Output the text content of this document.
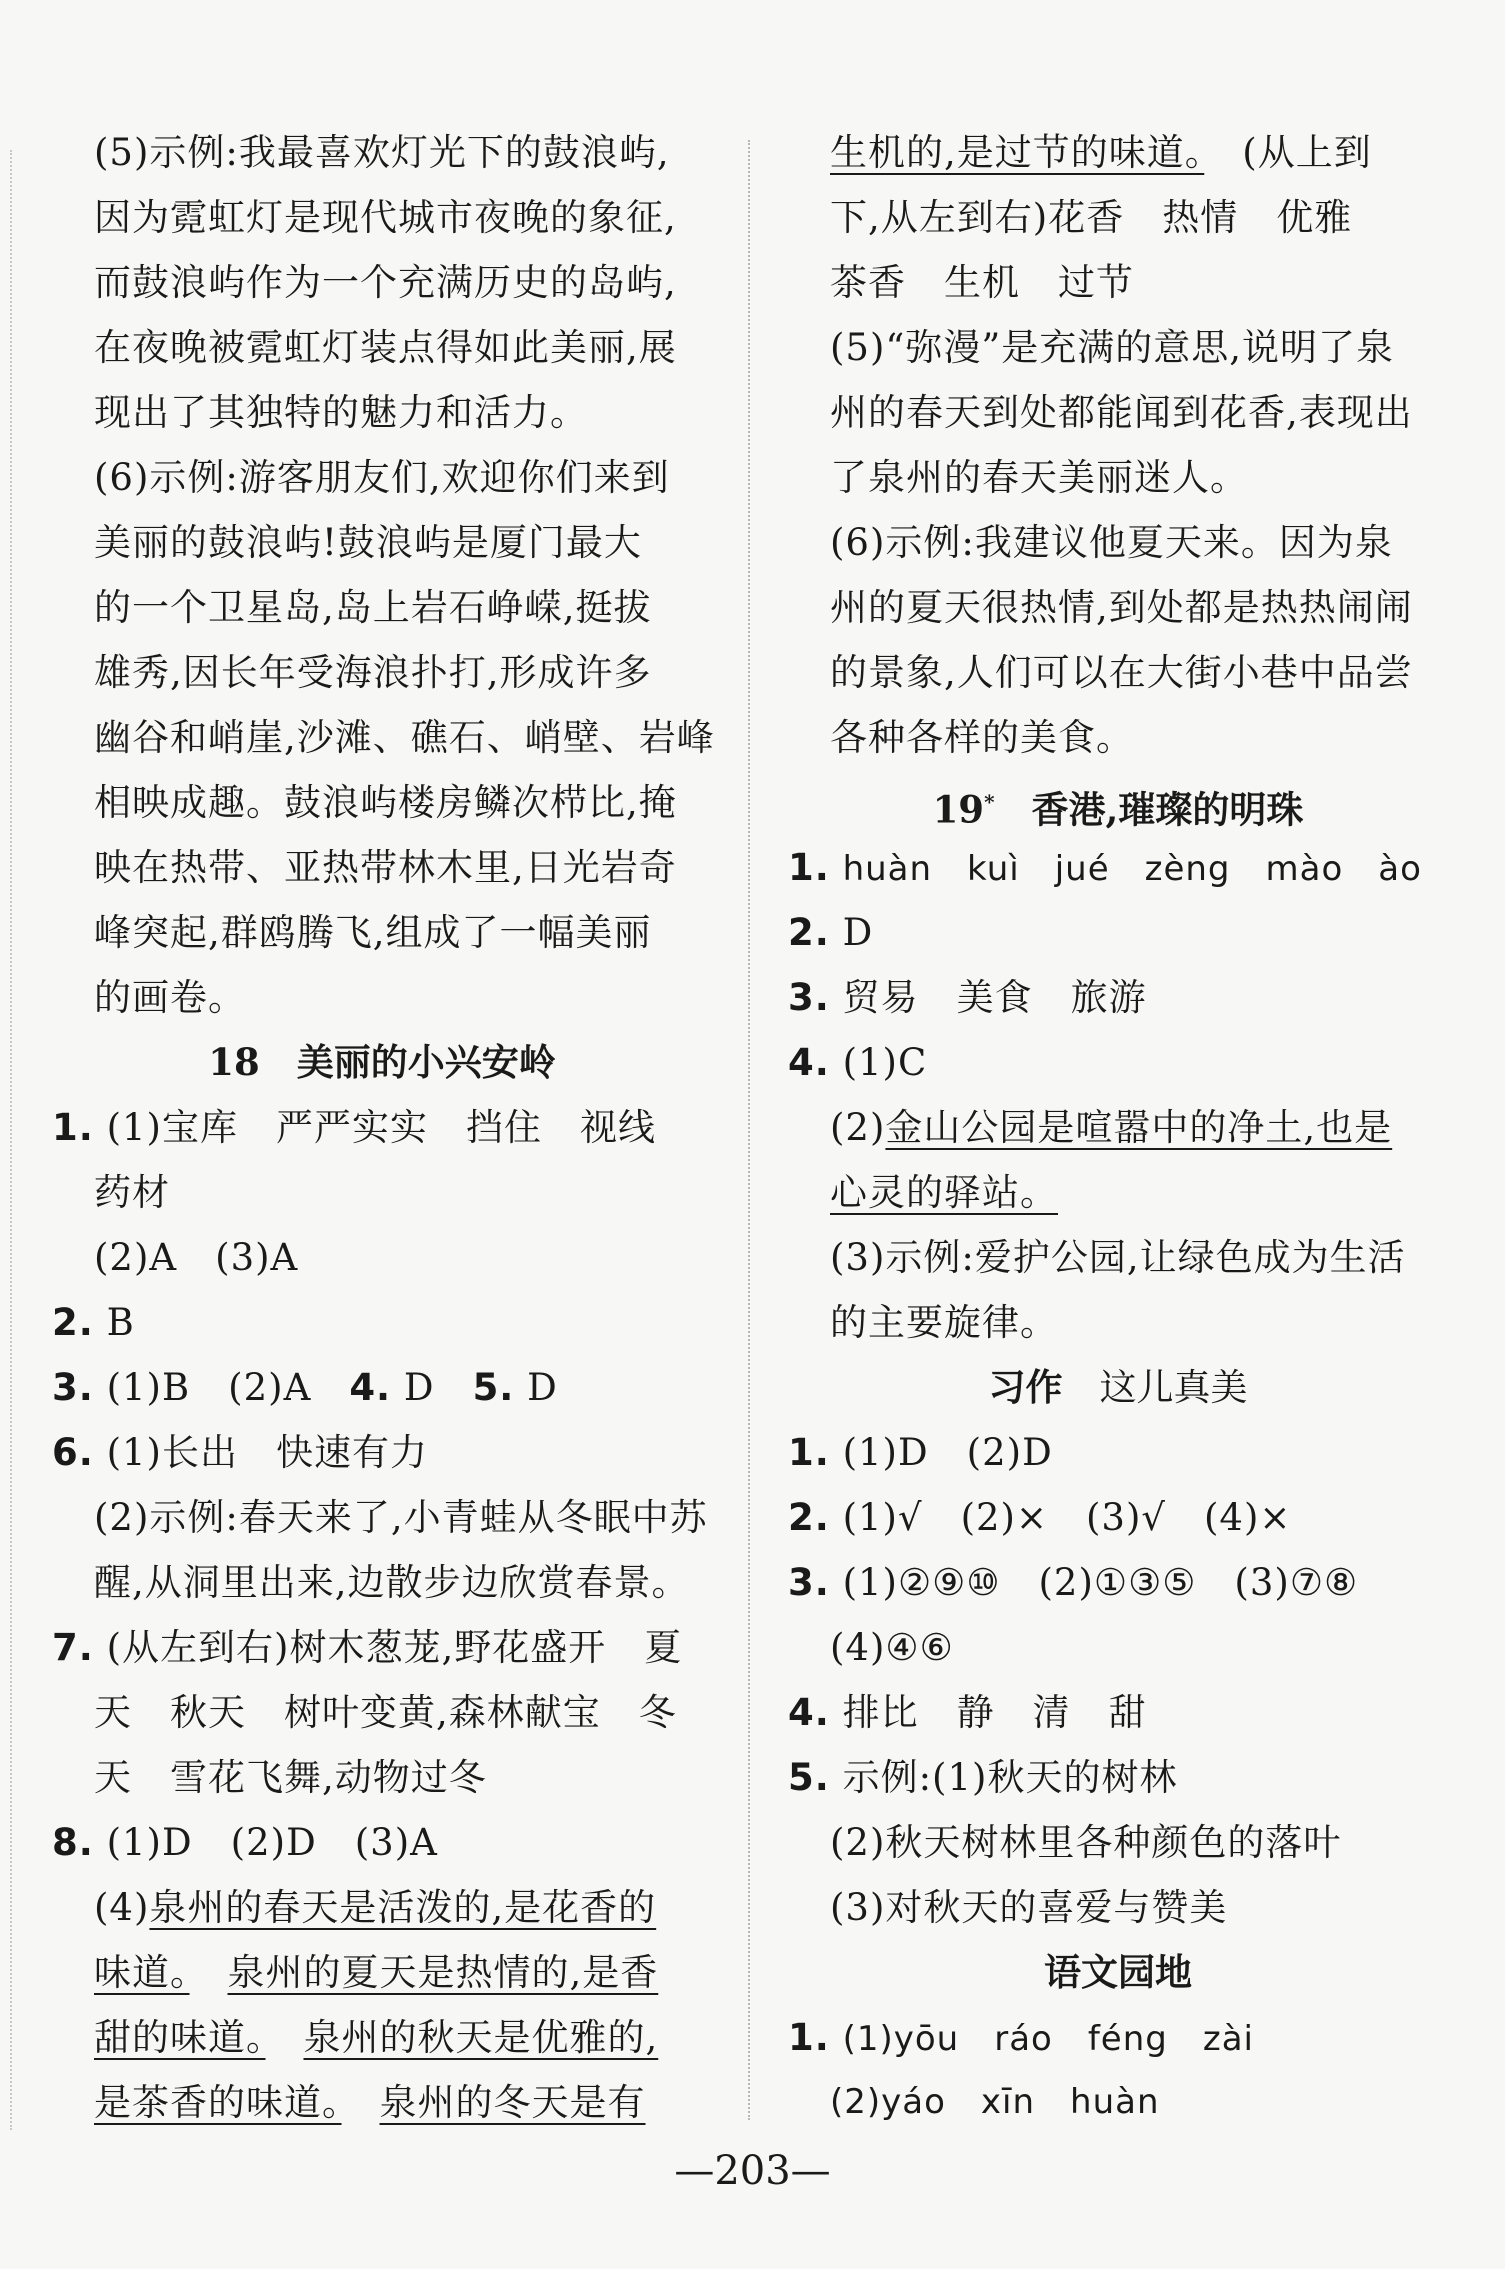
(5)示例:我最喜欢灯光下的鼓浪屿,
因为霓虹灯是现代城市夜晚的象征,
而鼓浪屿作为一个充满历史的岛屿,
在夜晚被霓虹灯装点得如此美丽,展
现出了其独特的魅力和活力。
(6)示例:游客朋友们,欢迎你们来到
美丽的鼓浪屿!鼓浪屿是厦门最大
的一个卫星岛,岛上岩石峥嵘,挺拔
雄秀,因长年受海浪扑打,形成许多
幽谷和峭崖,沙滩、礁石、峭壁、岩峰
相映成趣。鼓浪屿楼房鳞次栉比,掩
映在热带、亚热带林木里,日光岩奇
峰突起,群鸥腾飞,组成了一幅美丽
的画卷。
18　美丽的小兴安岭
1. (1)宝库　严严实实　挡住　视线
药材
(2)A　(3)A
2. B
3. (1)B　(2)A　 4. D　 5. D
6. (1)长出　快速有力
(2)示例:春天来了,小青蛙从冬眠中苏
醒,从洞里出来,边散步边欣赏春景。
7. (从左到右)树木葱茏,野花盛开　夏
天　秋天　树叶变黄,森林献宝　冬
天　雪花飞舞,动物过冬
8. (1)D　(2)D　(3)A
(4)泉州的春天是活泼的,是花香的
味道。　 泉州的夏天是热情的,是香
甜的味道。　 泉州的秋天是优雅的,
是茶香的味道。　 泉州的冬天是有
生机的,是过节的味道。　 (从上到
下,从左到右)花香　热情　优雅
茶香　生机　过节
(5)“弥漫”是充满的意思,说明了泉
州的春天到处都能闻到花香,表现出
了泉州的春天美丽迷人。
(6)示例:我建议他夏天来。因为泉
州的夏天很热情,到处都是热热闹闹
的景象,人们可以在大街小巷中品尝
各种各样的美食。
19*　 香港,璀璨的明珠
1. huàn　kuì　jué　zèng　mào　ào
2. D
3. 贸易　美食　旅游
4. (1)C
(2)金山公园是喧嚣中的净土,也是
心灵的驿站。
(3)示例:爱护公园,让绿色成为生活
的主要旋律。
习作　 这儿真美
1. (1)D　(2)D
2. (1)√　(2)×　(3)√　(4)×
3. (1)②⑨⑩　(2)①③⑤　(3)⑦⑧
(4)④⑥
4. 排比　静　清　甜
5. 示例:(1)秋天的树林
(2)秋天树林里各种颜色的落叶
(3)对秋天的喜爱与赞美
语文园地
1. (1)yōu　ráo　féng　zài
(2)yáo　xīn　huàn
—203—
